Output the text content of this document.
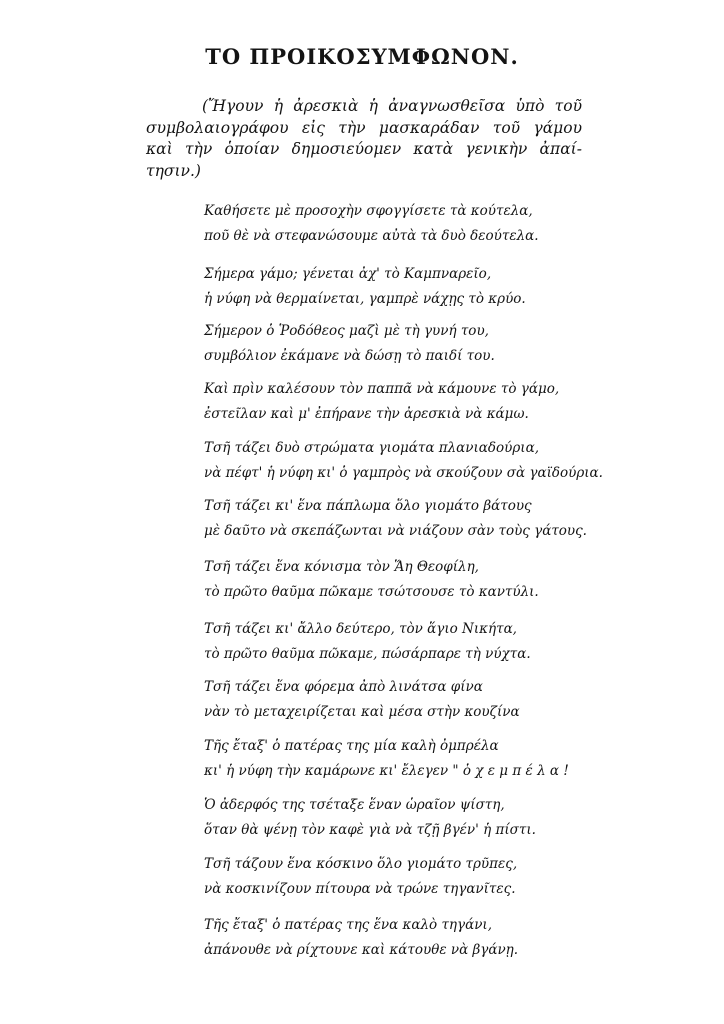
ΤΟ ΠΡΟΙΚΟΣΥΜΦΩΝΟΝ.
(Ἤγουν ἡ ἀρεσκιὰ ἡ ἀναγνωσθεῖσα ὑπὸ τοῦ
συμβολαιογράφου εἰς τὴν μασκαράδαν τοῦ γάμου
καὶ τὴν ὁποίαν δημοσιεύομεν κατὰ γενικὴν ἀπαί-
τησιν.)
Καθήσετε μὲ προσοχὴν σφογγίσετε τὰ κούτελα,
ποῦ θὲ νὰ στεφανώσουμε αὐτὰ τὰ δυὸ δεούτελα.
Σήμερα γάμο; γένεται ἀχ' τὸ Καμπναρεῖο,
ἡ νύφη νὰ θερμαίνεται, γαμπρὲ νάχῃς τὸ κρύο.
Σήμερον ὁ Ῥοδόθεος μαζὶ μὲ τὴ γυνή του,
συμβόλιον ἐκάμανε νὰ δώσῃ τὸ παιδί του.
Καὶ πρὶν καλέσουν τὸν παππᾶ νὰ κάμουνε τὸ γάμο,
ἐστεῖλαν καὶ μ' ἐπήρανε τὴν ἀρεσκιὰ νὰ κάμω.
Τσῆ τάζει δυὸ στρώματα γιομάτα πλανιαδούρια,
νὰ πέφτ' ἡ νύφη κι' ὁ γαμπρὸς νὰ σκούζουν σὰ γαϊδούρια.
Τσῆ τάζει κι' ἕνα πάπλωμα ὅλο γιομάτο βάτους
μὲ δαῦτο νὰ σκεπάζωνται νὰ νιάζουν σὰν τοὺς γάτους.
Τσῆ τάζει ἕνα κόνισμα τὸν Ἅη Θεοφίλη,
τὸ πρῶτο θαῦμα πῶκαμε τσώτσουσε τὸ καντύλι.
Τσῆ τάζει κι' ἄλλο δεύτερο, τὸν ἅγιο Νικήτα,
τὸ πρῶτο θαῦμα πῶκαμε, πώσάρπαρε τὴ νύχτα.
Τσῆ τάζει ἕνα φόρεμα ἀπὸ λινάτσα φίνα
νὰν τὸ μεταχειρίζεται καὶ μέσα στὴν κουζίνα
Τῆς ἔταξ' ὁ πατέρας της μία καλὴ ὀμπρέλα
κι' ἡ νύφη τὴν καμάρωνε κι' ἔλεγεν " ὁ χ ε μ π έ λ α !
Ὁ ἀδερφός της τσέταξε ἕναν ὡραῖον ψίστη,
ὅταν θὰ ψένῃ τὸν καφὲ γιὰ νὰ τζῇ βγέν' ἡ πίστι.
Τσῆ τάζουν ἕνα κόσκινο ὅλο γιομάτο τρῦπες,
νὰ κοσκινίζουν πίτουρα νὰ τρώνε τηγανῖτες.
Τῆς ἔταξ' ὁ πατέρας της ἕνα καλὸ τηγάνι,
ἀπάνουθε νὰ ρίχτουνε καὶ κάτουθε νὰ βγάνῃ.
